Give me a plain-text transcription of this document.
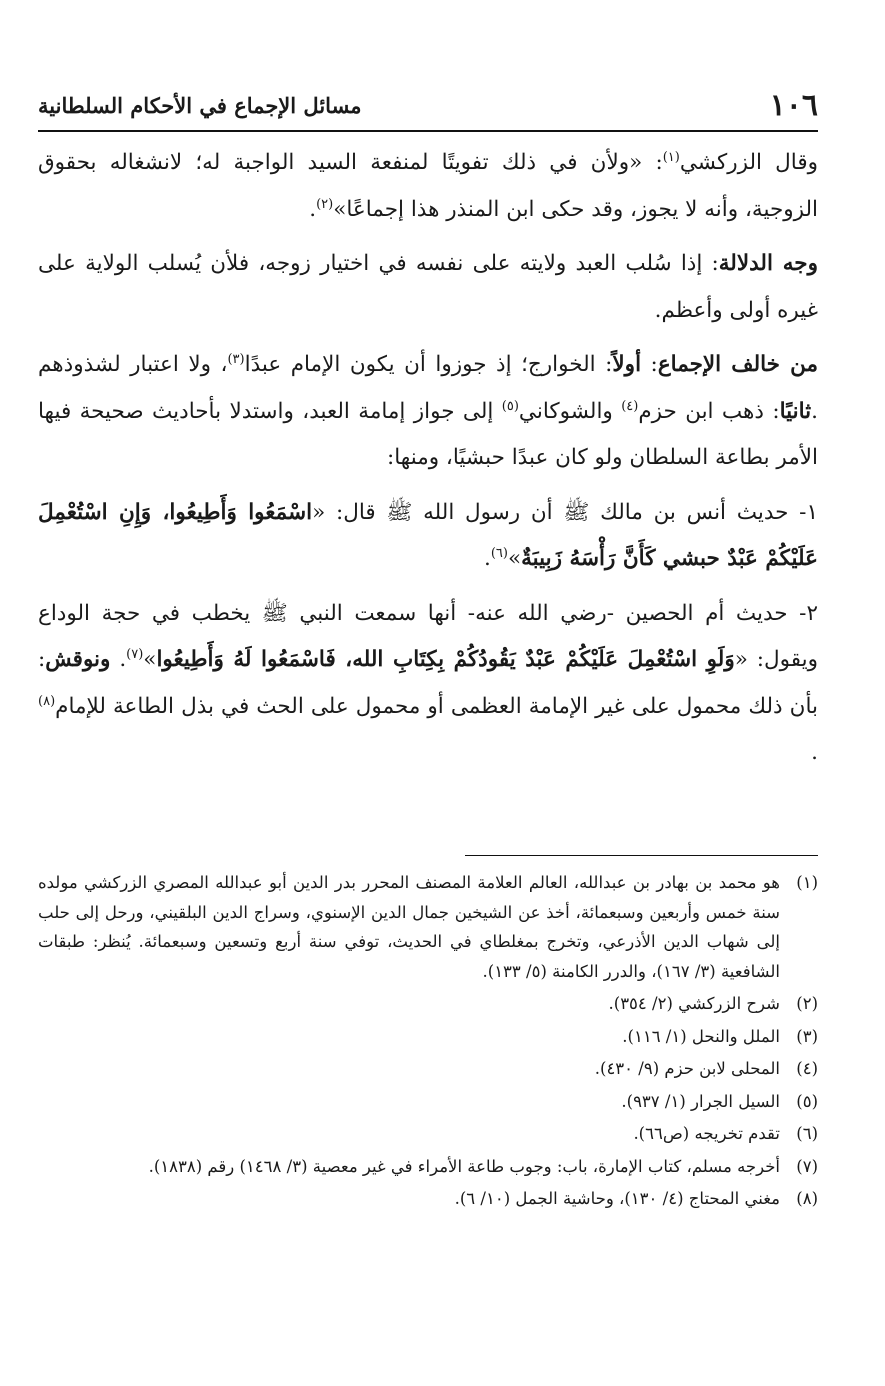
١٠٦
مسائل الإجماع في الأحكام السلطانية

وقال الزركشي$^{(١)}$: «ولأن في ذلك تفويتًا لمنفعة السيد الواجبة له؛ لانشغاله بحقوق الزوجية، وأنه لا يجوز، وقد حكى ابن المنذر هذا إجماعًا»$^{(٢)}$.

وجه الدلالة: إذا سُلب العبد ولايته على نفسه في اختيار زوجه، فلأن يُسلب الولاية على غيره أولى وأعظم.

من خالف الإجماع: أولاً: الخوارج؛ إذ جوزوا أن يكون الإمام عبدًا$^{(٣)}$، ولا اعتبار لشذوذهم .ثانيًا: ذهب ابن حزم$^{(٤)}$ والشوكاني$^{(٥)}$ إلى جواز إمامة العبد، واستدلا بأحاديث صحيحة فيها الأمر بطاعة السلطان ولو كان عبدًا حبشيًا، ومنها:

١- حديث أنس بن مالك ﷺ أن رسول الله ﷺ قال: «اسْمَعُوا وَأَطِيعُوا، وَإِنِ اسْتُعْمِلَ عَلَيْكُمْ عَبْدٌ حبشي كَأَنَّ رَأْسَهُ زَبِيبَةٌ»$^{(٦)}$.

٢- حديث أم الحصين -رضي الله عنه- أنها سمعت النبي ﷺ يخطب في حجة الوداع ويقول: «وَلَوِ اسْتُعْمِلَ عَلَيْكُمْ عَبْدٌ يَقُودُكُمْ بِكِتَابِ الله، فَاسْمَعُوا لَهُ وَأَطِيعُوا»$^{(٧)}$. ونوقش: بأن ذلك محمول على غير الإمامة العظمى أو محمول على الحث في بذل الطاعة للإمام$^{(٨)}$ .

(١)
هو محمد بن بهادر بن عبدالله، العالم العلامة المصنف المحرر بدر الدين أبو عبدالله المصري الزركشي مولده سنة خمس وأربعين وسبعمائة، أخذ عن الشيخين جمال الدين الإسنوي، وسراج الدين البلقيني، ورحل إلى حلب إلى شهاب الدين الأذرعي، وتخرج بمغلطاي في الحديث، توفي سنة أربع وتسعين وسبعمائة. يُنظر: طبقات الشافعية (٣/ ١٦٧)، والدرر الكامنة (٥/ ١٣٣).
(٢)
شرح الزركشي (٢/ ٣٥٤).
(٣)
الملل والنحل (١/ ١١٦).
(٤)
المحلى لابن حزم (٩/ ٤٣٠).
(٥)
السيل الجرار (١/ ٩٣٧).
(٦)
تقدم تخريجه (ص٦٦).
(٧)
أخرجه مسلم، كتاب الإمارة، باب: وجوب طاعة الأمراء في غير معصية (٣/ ١٤٦٨) رقم (١٨٣٨).
(٨)
مغني المحتاج (٤/ ١٣٠)، وحاشية الجمل (١٠/ ٦).
